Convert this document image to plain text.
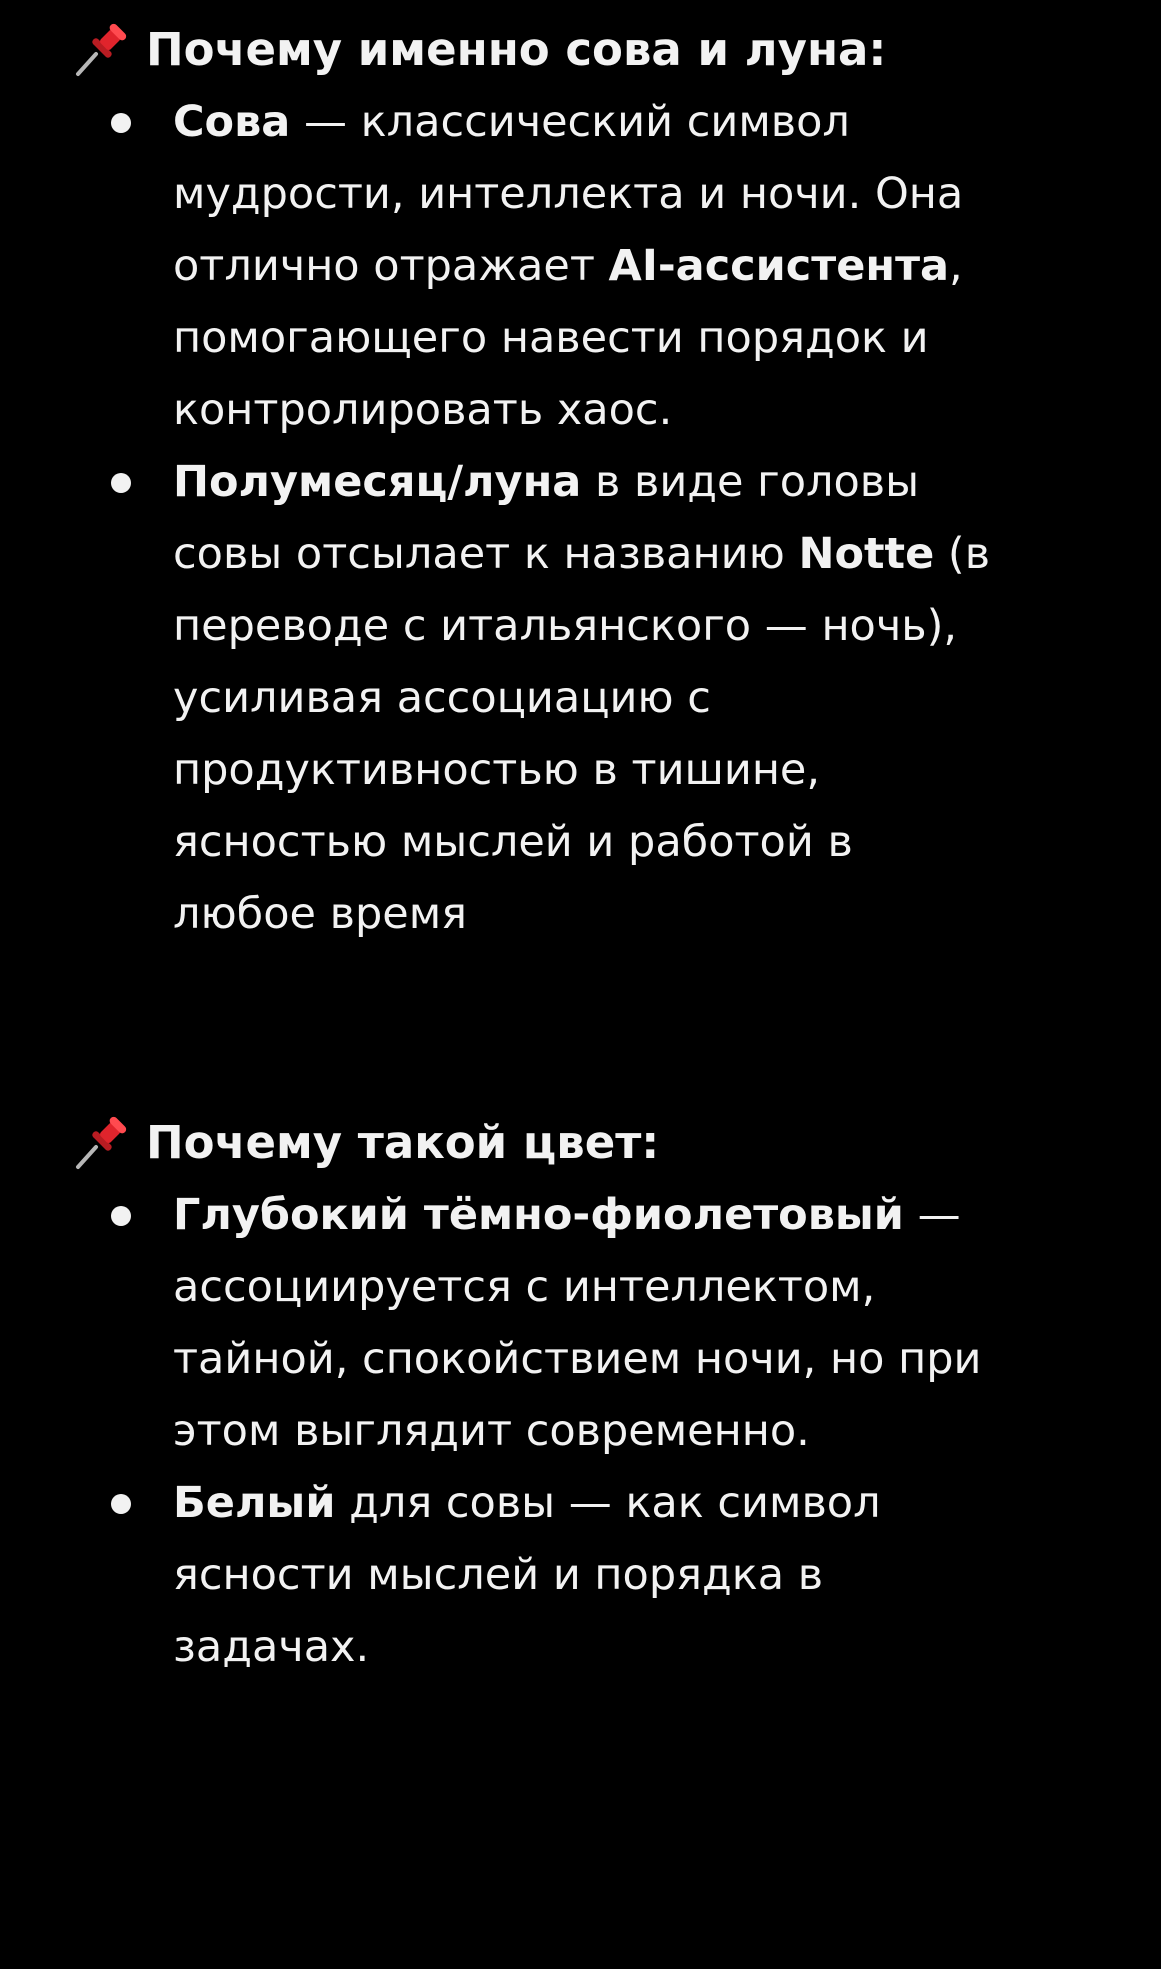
Почему именно сова и луна:
Сова — классический символ
мудрости, интеллекта и ночи. Она
отлично отражает AI-ассистента,
помогающего навести порядок и
контролировать хаос.
Полумесяц/луна в виде головы
совы отсылает к названию Notte (в
переводе с итальянского — ночь),
усиливая ассоциацию с
продуктивностью в тишине,
ясностью мыслей и работой в
любое время
Почему такой цвет:
Глубокий тёмно-фиолетовый —
ассоциируется с интеллектом,
тайной, спокойствием ночи, но при
этом выглядит современно.
Белый для совы — как символ
ясности мыслей и порядка в
задачах.
